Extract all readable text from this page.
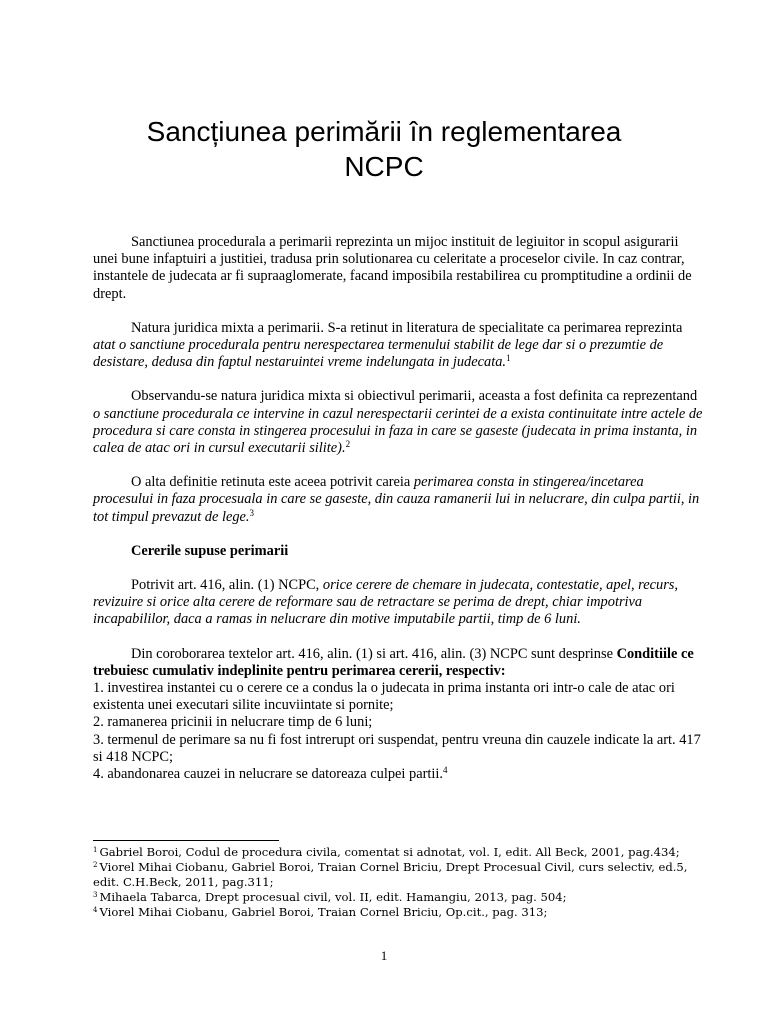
Sancțiunea perimării în reglementarea
NCPC

Sanctiunea procedurala a perimarii reprezinta un mijoc instituit de legiuitor in scopul asigurarii unei bune infaptuiri a justitiei, tradusa prin solutionarea cu celeritate a proceselor civile. In caz contrar, instantele de judecata ar fi supraaglomerate, facand imposibila restabilirea cu promptitudine a ordinii de drept.

Natura juridica mixta a perimarii. S-a retinut in literatura de specialitate ca perimarea reprezinta atat o sanctiune procedurala pentru nerespectarea termenului stabilit de lege dar si o prezumtie de desistare, dedusa din faptul nestaruintei vreme indelungata in judecata.$^1$

Observandu-se natura juridica mixta si obiectivul perimarii, aceasta a fost definita ca reprezentand o sanctiune procedurala ce intervine in cazul nerespectarii cerintei de a exista continuitate intre actele de procedura si care consta in stingerea procesului in faza in care se gaseste (judecata in prima instanta, in calea de atac ori in cursul executarii silite).$^2$

O alta definitie retinuta este aceea potrivit careia perimarea consta in stingerea/incetarea procesului in faza procesuala in care se gaseste, din cauza ramanerii lui in nelucrare, din culpa partii, in tot timpul prevazut de lege.$^3$

Cererile supuse perimarii

Potrivit art. 416, alin. (1) NCPC, orice cerere de chemare in judecata, contestatie, apel, recurs, revizuire si orice alta cerere de reformare sau de retractare se perima de drept, chiar impotriva incapabililor, daca a ramas in nelucrare din motive imputabile partii, timp de 6 luni.

Din coroborarea textelor art. 416, alin. (1) si art. 416, alin. (3) NCPC sunt desprinse Conditiile ce trebuiesc cumulativ indeplinite pentru perimarea cererii, respectiv:
1. investirea instantei cu o cerere ce a condus la o judecata in prima instanta ori intr-o cale de atac ori existenta unei executari silite incuviintate si pornite;
2. ramanerea pricinii in nelucrare timp de 6 luni;
3. termenul de perimare sa nu fi fost intrerupt ori suspendat, pentru vreuna din cauzele indicate la art. 417 si 418 NCPC;
4. abandonarea cauzei in nelucrare se datoreaza culpei partii.$^4$
$^1$ Gabriel Boroi, Codul de procedura civila, comentat si adnotat, vol. I, edit. All Beck, 2001, pag.434;
$^2$ Viorel Mihai Ciobanu, Gabriel Boroi, Traian Cornel Briciu, Drept Procesual Civil, curs selectiv, ed.5, edit. C.H.Beck, 2011, pag.311;
$^3$ Mihaela Tabarca, Drept procesual civil, vol. II, edit. Hamangiu, 2013, pag. 504;
$^4$ Viorel Mihai Ciobanu, Gabriel Boroi, Traian Cornel Briciu, Op.cit., pag. 313;
1
